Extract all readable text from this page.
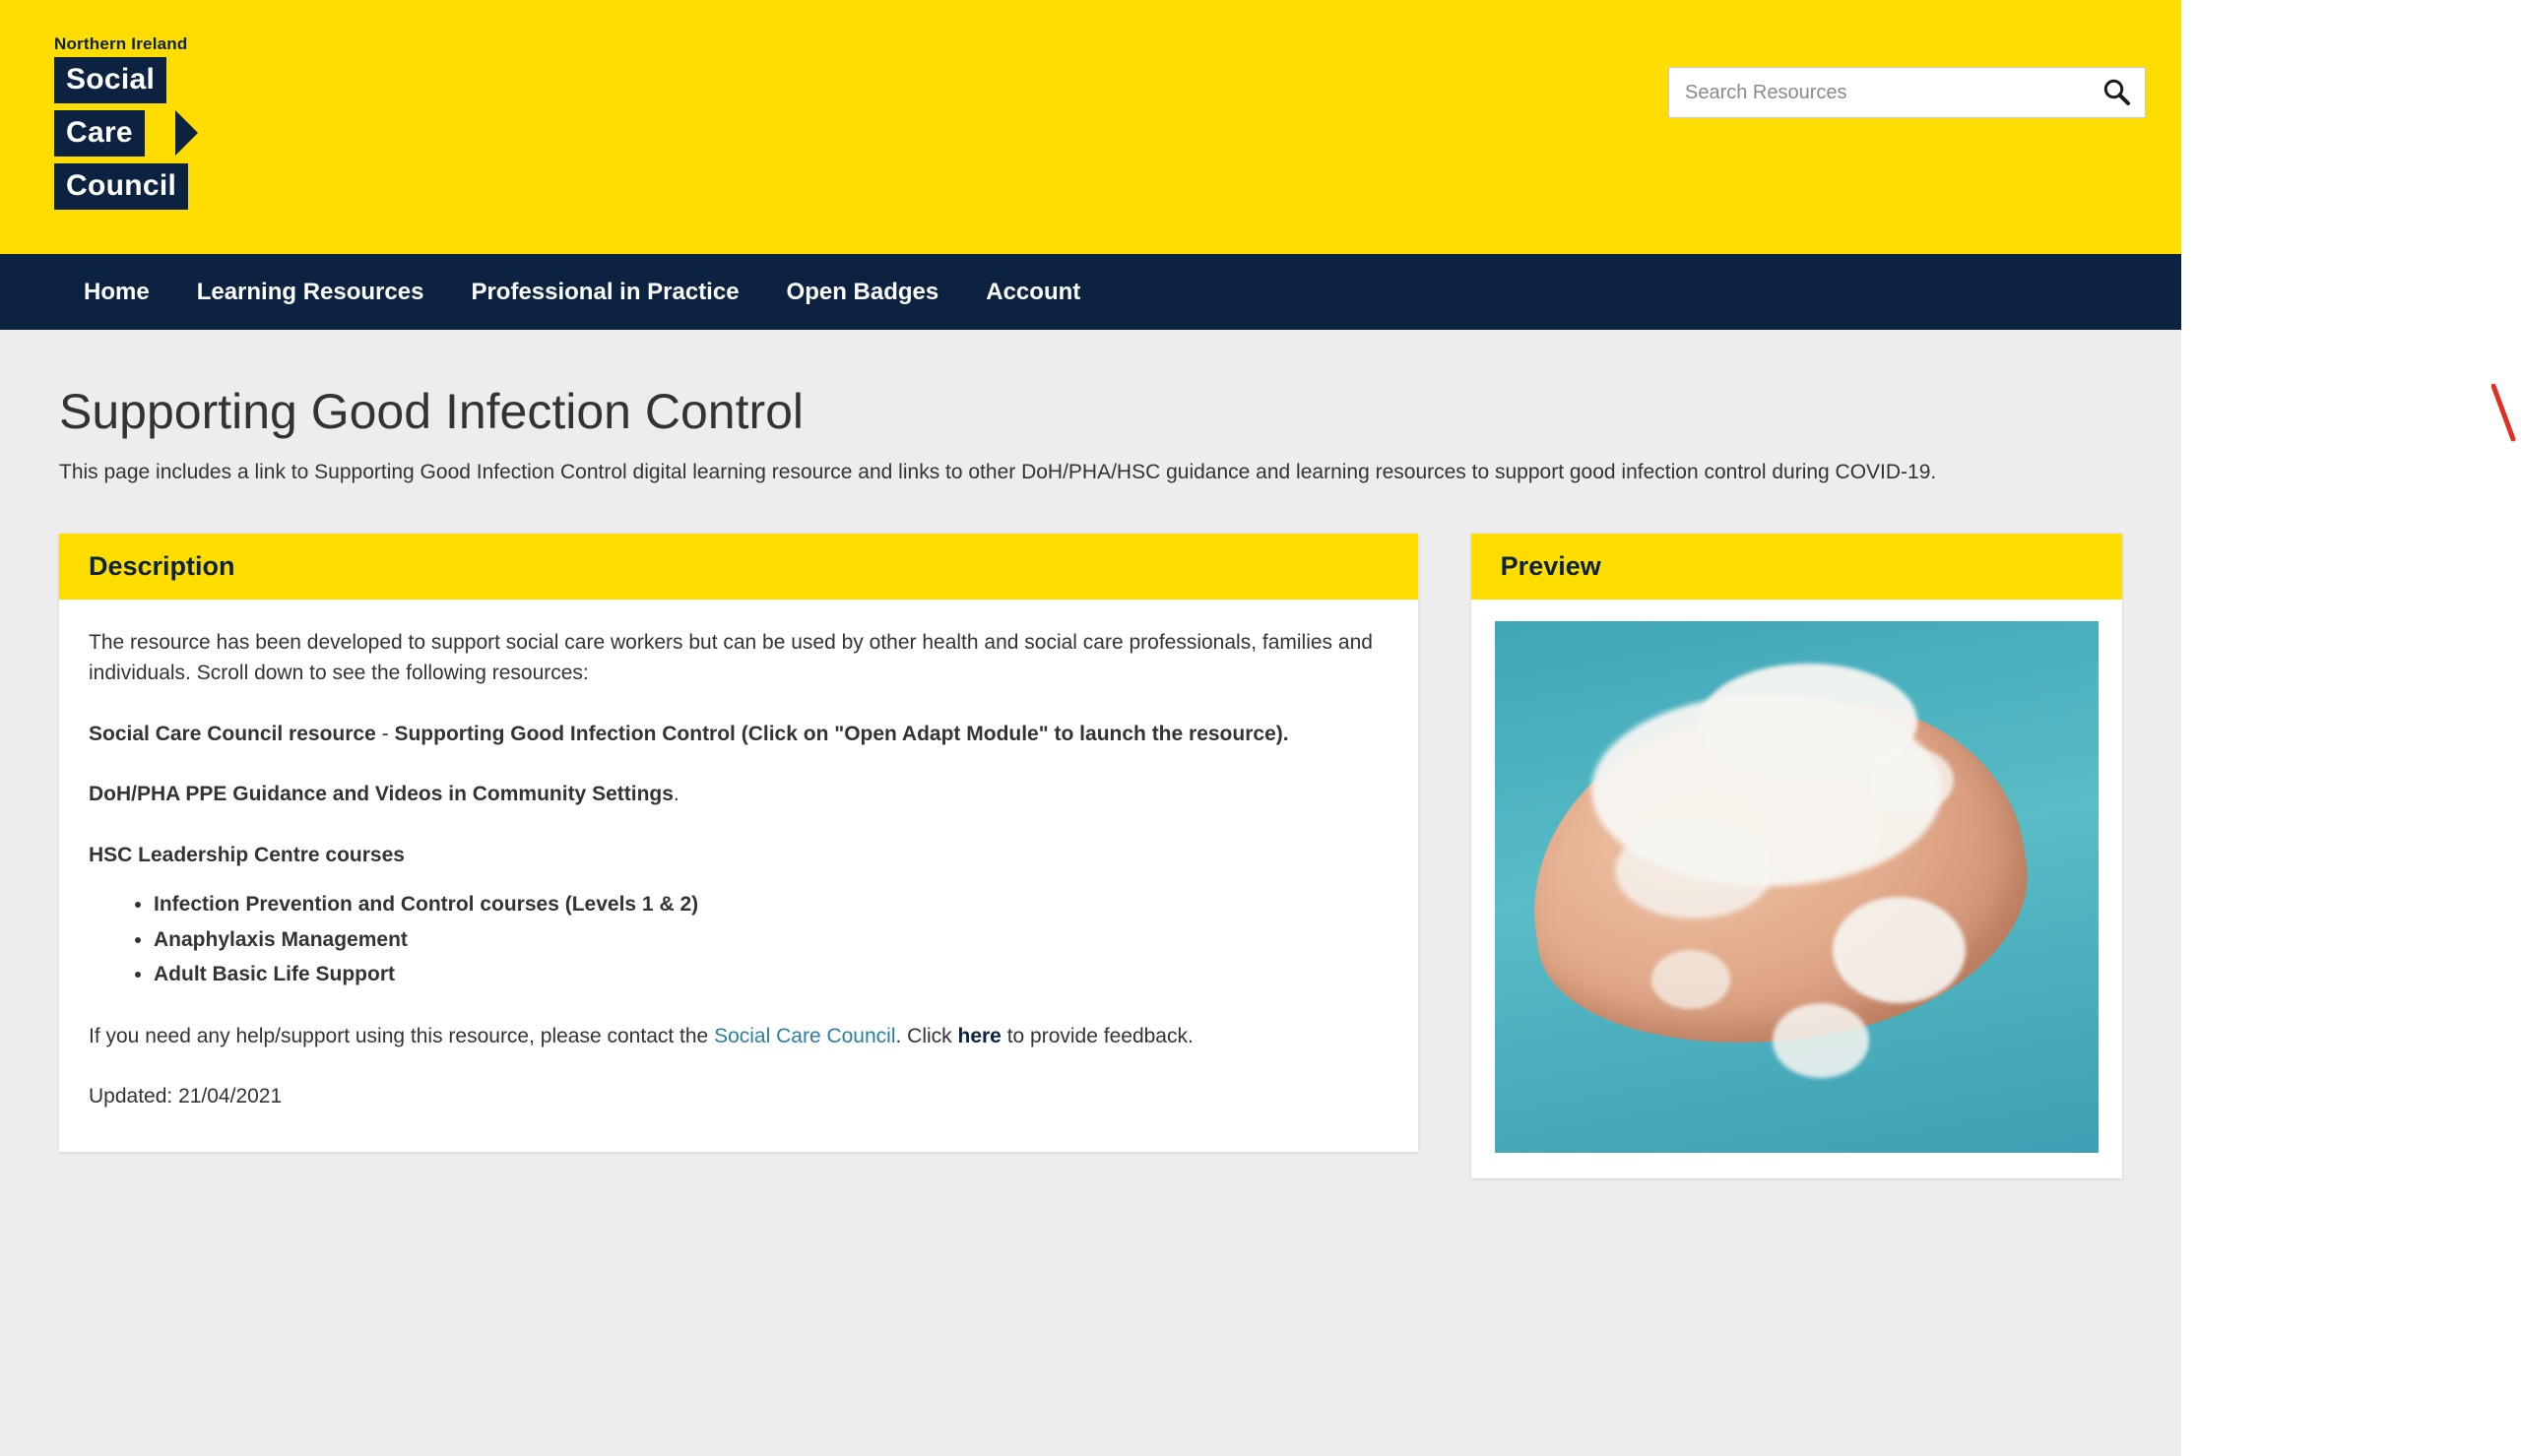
Northern Ireland
Social
Care
Council
Search Resources
Home	Learning Resources	Professional in Practice	Open Badges	Account
Supporting Good Infection Control

This page includes a link to Supporting Good Infection Control digital learning resource and links to other DoH/PHA/HSC guidance and learning resources to support good infection control during COVID-19.

Description

The resource has been developed to support social care workers but can be used by other health and social care professionals, families and individuals. Scroll down to see the following resources:

Social Care Council resource - Supporting Good Infection Control (Click on "Open Adapt Module" to launch the resource).

DoH/PHA PPE Guidance and Videos in Community Settings.

HSC Leadership Centre courses

• Infection Prevention and Control courses (Levels 1 & 2)
• Anaphylaxis Management
• Adult Basic Life Support

If you need any help/support using this resource, please contact the Social Care Council. Click here to provide feedback.

Updated: 21/04/2021

Preview
